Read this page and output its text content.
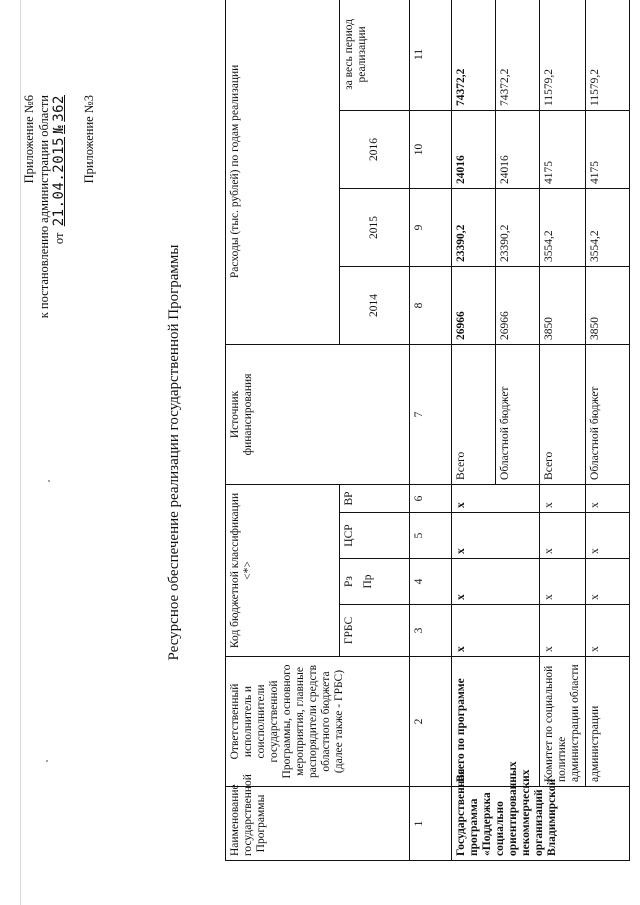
Приложение №6 к постановлению администрации области от  21.04.2015 № 362 Приложение №3
Ресурсное обеспечение реализации государственной Программы
Наименование государственной Программы	Ответственный исполнитель и соисполнители государственной Программы, основного мероприятия, главные распорядители средств областного бюджета (далее также - ГРБС)	Код бюджетной классификации <*>				Источник финансирования	Расходы (тыс. рублей) по годам реализации			
		ГРБС	Рз Пр	ЦСР	ВР		2014	2015	2016	за весь период реализации
1	2	3	4	5	6	7	8	9	10	11
Государственная программа «Поддержка социально ориентированных некоммерческих организаций Владимирской	Всего по программе	х	х	х	х	Всего	26966	23390,2	24016	74372,2
						Областной бюджет	26966	23390,2	24016	74372,2
	Комитет по социальной политике администрации области	х	х	х	х	Всего	3850	3554,2	4175	11579,2
	администрации	х	х	х	х	Областной бюджет	3850	3554,2	4175	11579,2
